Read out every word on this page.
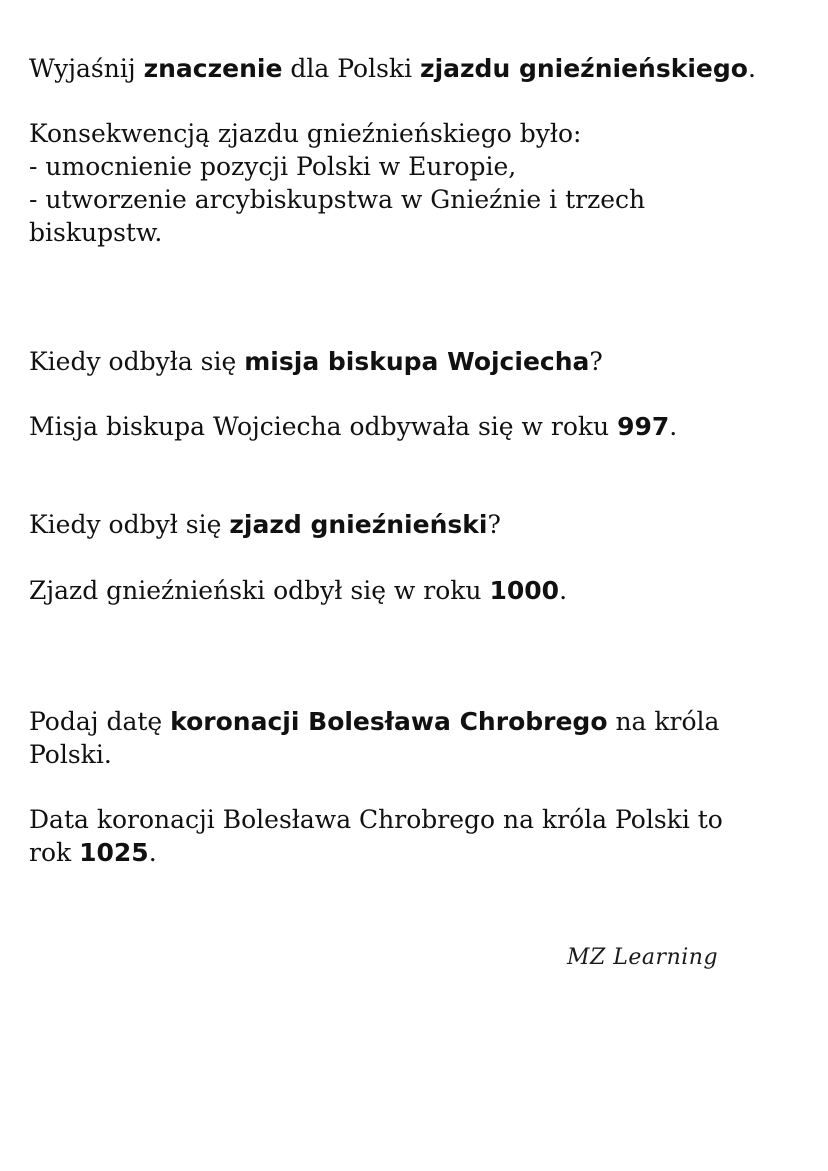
Wyjaśnij znaczenie dla Polski zjazdu gnieźnieńskiego.

Konsekwencją zjazdu gnieźnieńskiego było:
- umocnienie pozycji Polski w Europie,
- utworzenie arcybiskupstwa w Gnieźnie i trzech
biskupstw.

Kiedy odbyła się misja biskupa Wojciecha?

Misja biskupa Wojciecha odbywała się w roku 997.

Kiedy odbył się zjazd gnieźnieński?

Zjazd gnieźnieński odbył się w roku 1000.

Podaj datę koronacji Bolesława Chrobrego na króla
Polski.

Data koronacji Bolesława Chrobrego na króla Polski to
rok 1025.

MZ Learning
